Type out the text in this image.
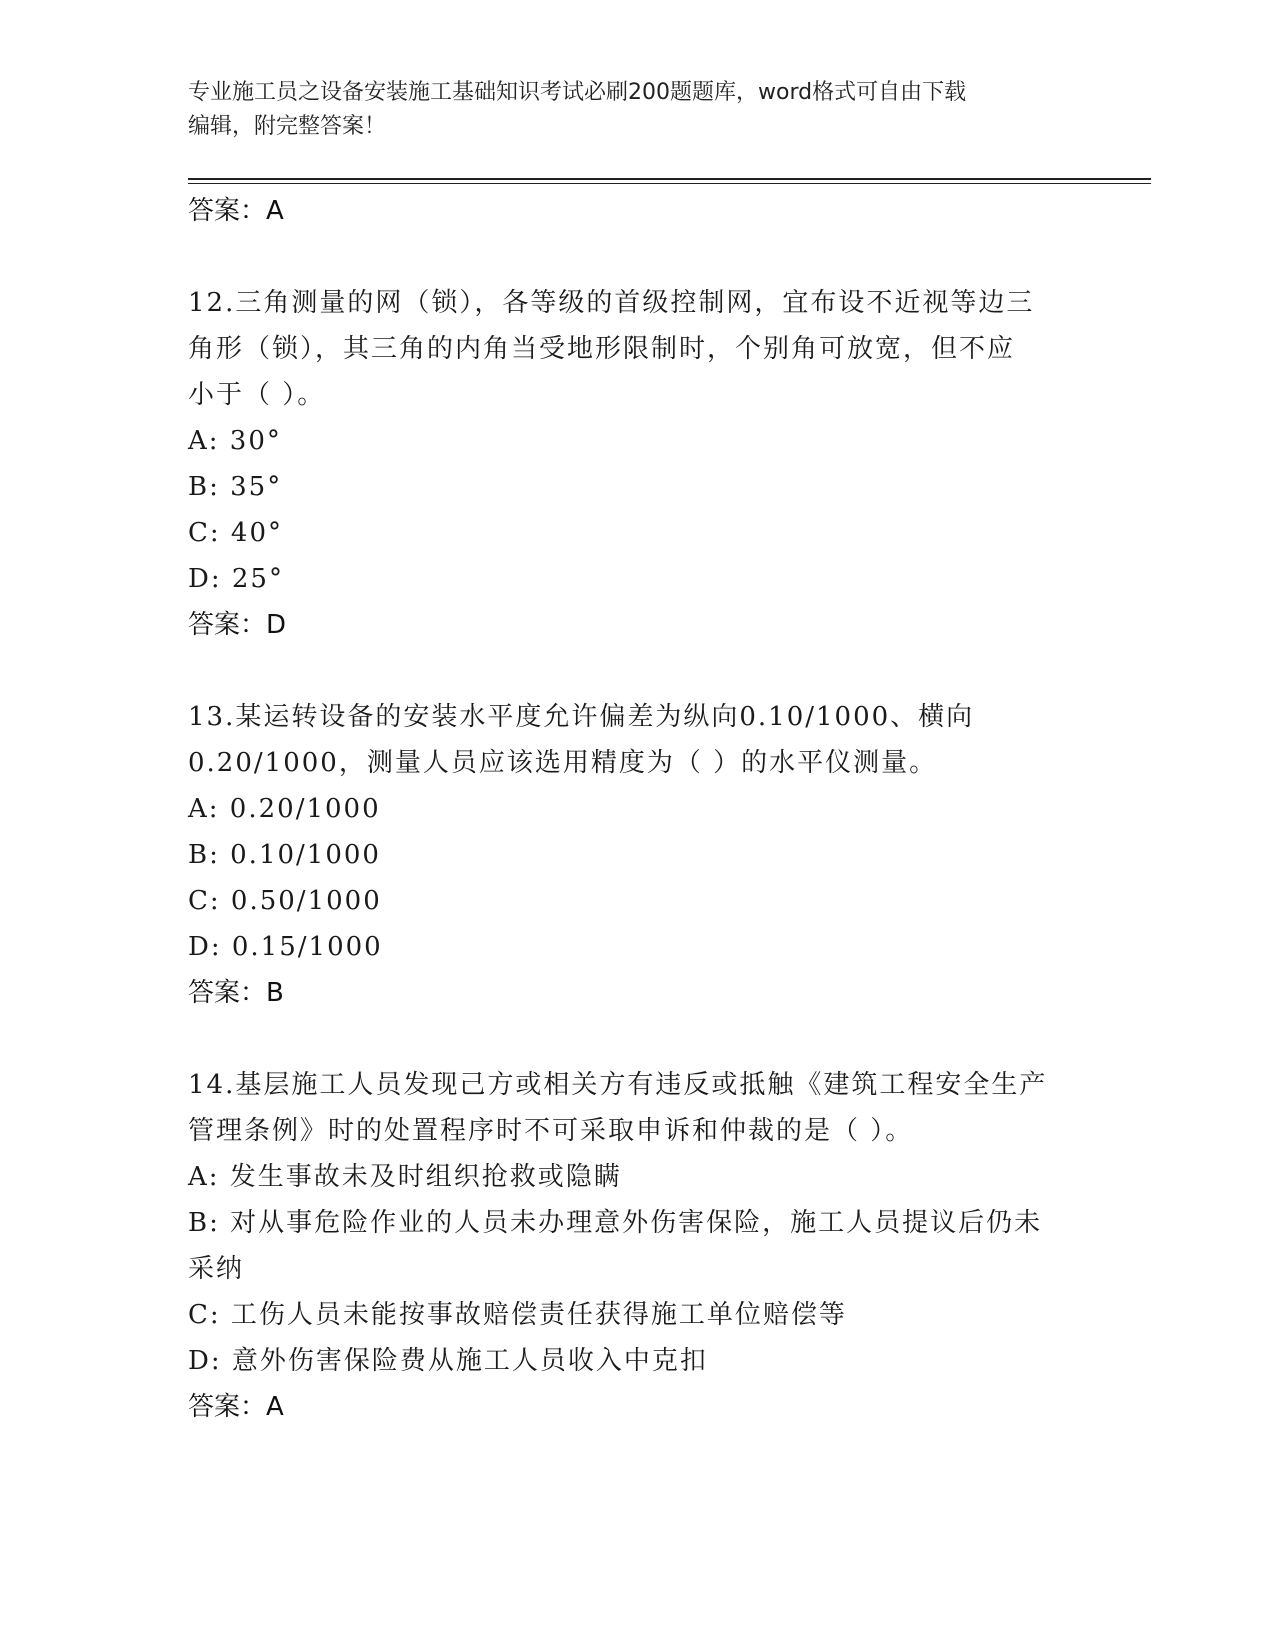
专业施工员之设备安装施工基础知识考试必刷200题题库，word格式可自由下载
编辑，附完整答案！
答案：A
12.三角测量的网（锁），各等级的首级控制网，宜布设不近视等边三
角形（锁），其三角的内角当受地形限制时，个别角可放宽，但不应
小于（ ）。
A: 30°
B: 35°
C: 40°
D: 25°
答案：D
13.某运转设备的安装水平度允许偏差为纵向0.10/1000、横向
0.20/1000，测量人员应该选用精度为（ ）的水平仪测量。
A: 0.20/1000
B: 0.10/1000
C: 0.50/1000
D: 0.15/1000
答案：B
14.基层施工人员发现己方或相关方有违反或抵触《建筑工程安全生产
管理条例》时的处置程序时不可采取申诉和仲裁的是（ ）。
A: 发生事故未及时组织抢救或隐瞒
B: 对从事危险作业的人员未办理意外伤害保险，施工人员提议后仍未
采纳
C: 工伤人员未能按事故赔偿责任获得施工单位赔偿等
D: 意外伤害保险费从施工人员收入中克扣
答案：A
